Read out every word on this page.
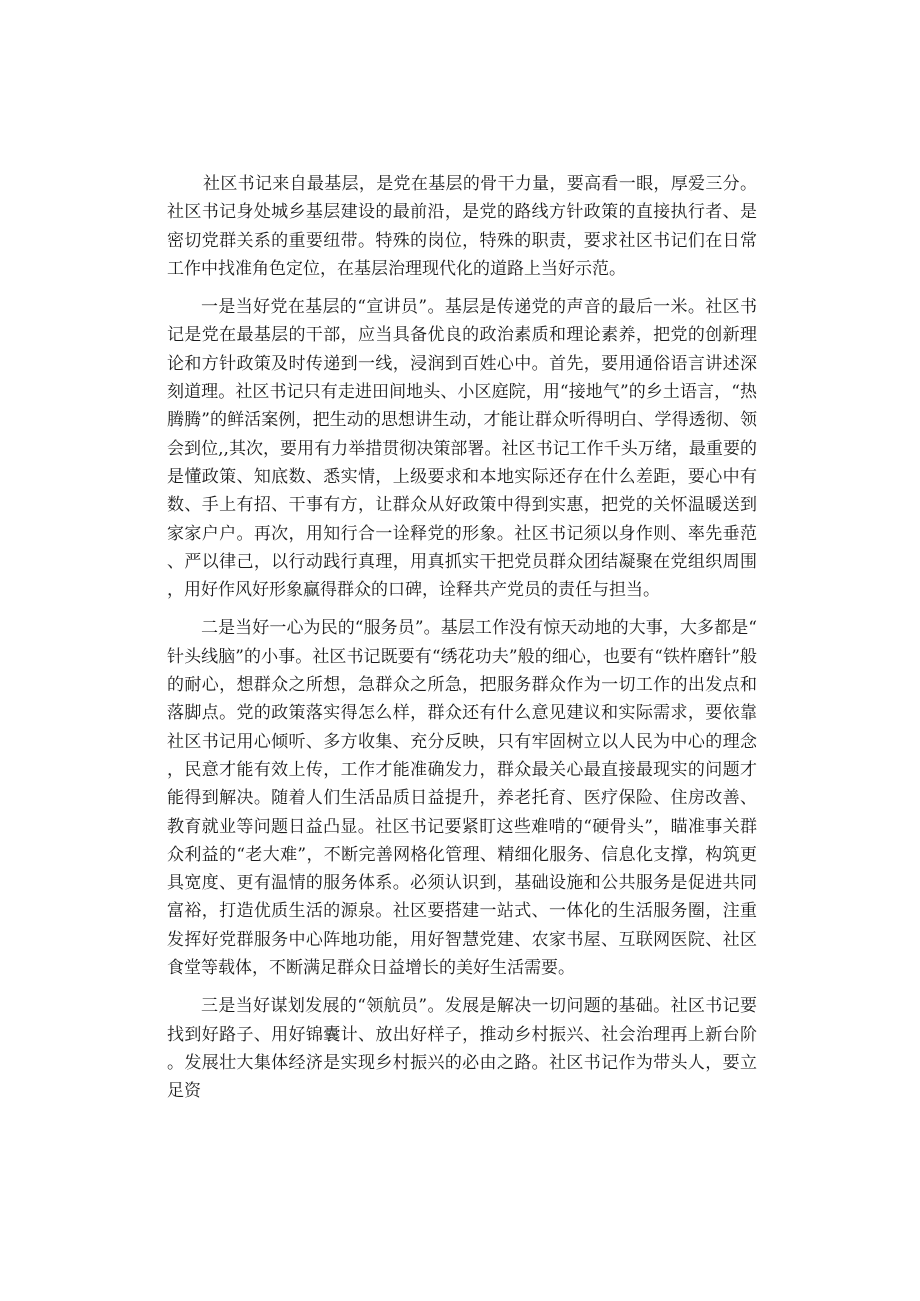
社区书记来自最基层，是党在基层的骨干力量，要高看一眼，厚爱三分。社区书记身处城乡基层建设的最前沿，是党的路线方针政策的直接执行者、是密切党群关系的重要纽带。特殊的岗位，特殊的职责，要求社区书记们在日常工作中找准角色定位，在基层治理现代化的道路上当好示范。

一是当好党在基层的“宣讲员”。基层是传递党的声音的最后一米。社区书记是党在最基层的干部，应当具备优良的政治素质和理论素养，把党的创新理论和方针政策及时传递到一线，浸润到百姓心中。首先，要用通俗语言讲述深刻道理。社区书记只有走进田间地头、小区庭院，用“接地气”的乡土语言，“热腾腾”的鲜活案例，把生动的思想讲生动，才能让群众听得明白、学得透彻、领会到位,,其次，要用有力举措贯彻决策部署。社区书记工作千头万绪，最重要的是懂政策、知底数、悉实情，上级要求和本地实际还存在什么差距，要心中有数、手上有招、干事有方，让群众从好政策中得到实惠，把党的关怀温暖送到家家户户。再次，用知行合一诠释党的形象。社区书记须以身作则、率先垂范、严以律己，以行动践行真理，用真抓实干把党员群众团结凝聚在党组织周围，用好作风好形象赢得群众的口碑，诠释共产党员的责任与担当。

二是当好一心为民的“服务员”。基层工作没有惊天动地的大事，大多都是“针头线脑”的小事。社区书记既要有“绣花功夫”般的细心，也要有“铁杵磨针”般的耐心，想群众之所想，急群众之所急，把服务群众作为一切工作的出发点和落脚点。党的政策落实得怎么样，群众还有什么意见建议和实际需求，要依靠社区书记用心倾听、多方收集、充分反映，只有牢固树立以人民为中心的理念，民意才能有效上传，工作才能准确发力，群众最关心最直接最现实的问题才能得到解决。随着人们生活品质日益提升，养老托育、医疗保险、住房改善、教育就业等问题日益凸显。社区书记要紧盯这些难啃的“硬骨头”，瞄准事关群众利益的“老大难”，不断完善网格化管理、精细化服务、信息化支撑，构筑更具宽度、更有温情的服务体系。必须认识到，基础设施和公共服务是促进共同富裕，打造优质生活的源泉。社区要搭建一站式、一体化的生活服务圈，注重发挥好党群服务中心阵地功能，用好智慧党建、农家书屋、互联网医院、社区食堂等载体，不断满足群众日益增长的美好生活需要。

三是当好谋划发展的“领航员”。发展是解决一切问题的基础。社区书记要找到好路子、用好锦囊计、放出好样子，推动乡村振兴、社会治理再上新台阶。发展壮大集体经济是实现乡村振兴的必由之路。社区书记作为带头人，要立足资
